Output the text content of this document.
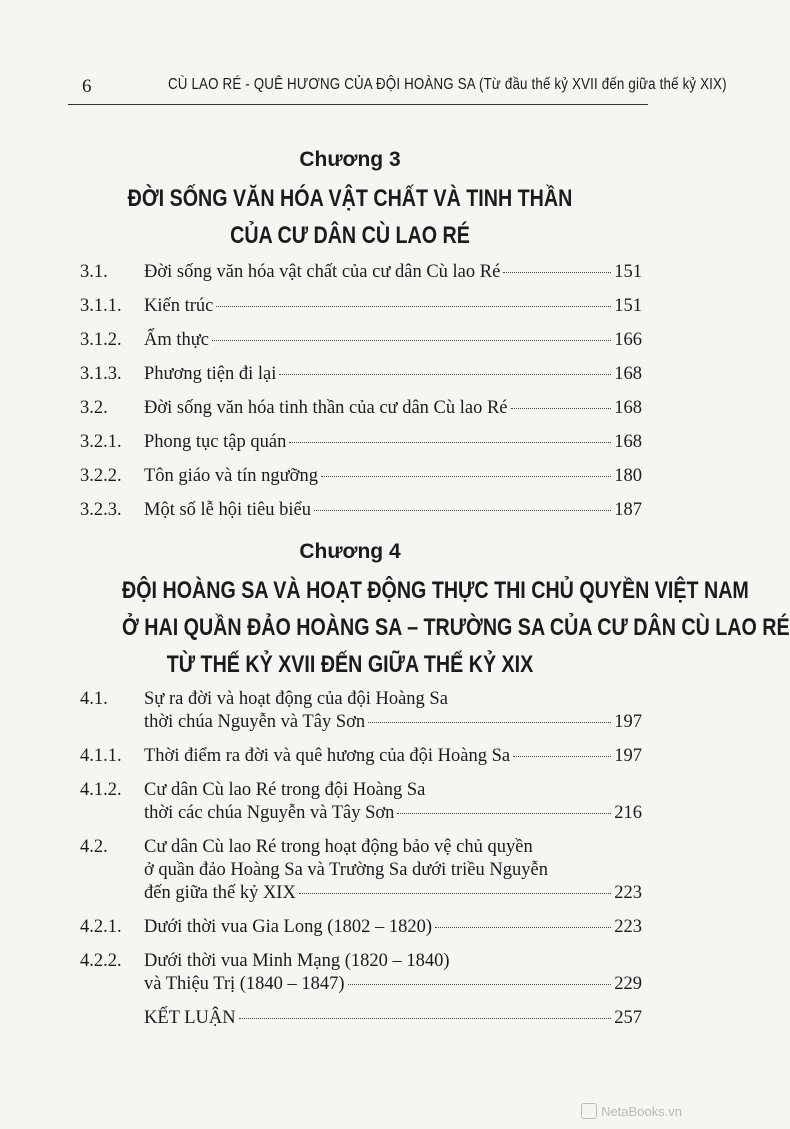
6	CÙ LAO RÉ - QUÊ HƯƠNG CỦA ĐỘI HOÀNG SA (Từ đầu thế kỷ XVII đến giữa thế kỷ XIX)
Chương 3
ĐỜI SỐNG VĂN HÓA VẬT CHẤT VÀ TINH THẦN
CỦA CƯ DÂN CÙ LAO RÉ
3.1.	Đời sống văn hóa vật chất của cư dân Cù lao Ré	151
3.1.1.	Kiến trúc	151
3.1.2.	Ẩm thực	166
3.1.3.	Phương tiện đi lại	168
3.2.	Đời sống văn hóa tinh thần của cư dân Cù lao Ré	168
3.2.1.	Phong tục tập quán	168
3.2.2.	Tôn giáo và tín ngưỡng	180
3.2.3.	Một số lễ hội tiêu biểu	187
Chương 4
ĐỘI HOÀNG SA VÀ HOẠT ĐỘNG THỰC THI CHỦ QUYỀN VIỆT NAM
Ở HAI QUẦN ĐẢO HOÀNG SA – TRƯỜNG SA CỦA CƯ DÂN CÙ LAO RÉ
TỪ THẾ KỶ XVII ĐẾN GIỮA THẾ KỶ XIX
4.1.	Sự ra đời và hoạt động của đội Hoàng Sa
thời chúa Nguyễn và Tây Sơn	197
4.1.1.	Thời điểm ra đời và quê hương của đội Hoàng Sa	197
4.1.2.	Cư dân Cù lao Ré trong đội Hoàng Sa
thời các chúa Nguyễn và Tây Sơn	216
4.2.	Cư dân Cù lao Ré trong hoạt động bảo vệ chủ quyền
ở quần đảo Hoàng Sa và Trường Sa dưới triều Nguyễn
đến giữa thế kỷ XIX	223
4.2.1.	Dưới thời vua Gia Long (1802 – 1820)	223
4.2.2.	Dưới thời vua Minh Mạng (1820 – 1840)
và Thiệu Trị (1840 – 1847)	229
KẾT LUẬN	257
NetaBooks.vn
